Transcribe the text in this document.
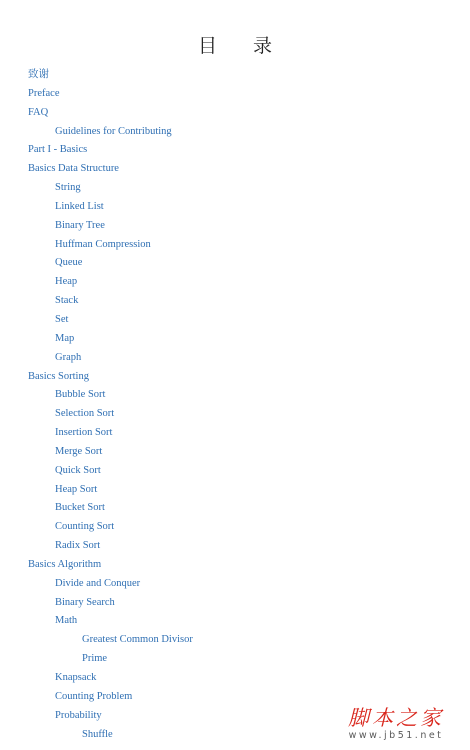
目 录
致谢
Preface
FAQ
Guidelines for Contributing
Part I - Basics
Basics Data Structure
String
Linked List
Binary Tree
Huffman Compression
Queue
Heap
Stack
Set
Map
Graph
Basics Sorting
Bubble Sort
Selection Sort
Insertion Sort
Merge Sort
Quick Sort
Heap Sort
Bucket Sort
Counting Sort
Radix Sort
Basics Algorithm
Divide and Conquer
Binary Search
Math
Greatest Common Divisor
Prime
Knapsack
Counting Problem
Probability
Shuffle
脚本之家
www.jb51.net
